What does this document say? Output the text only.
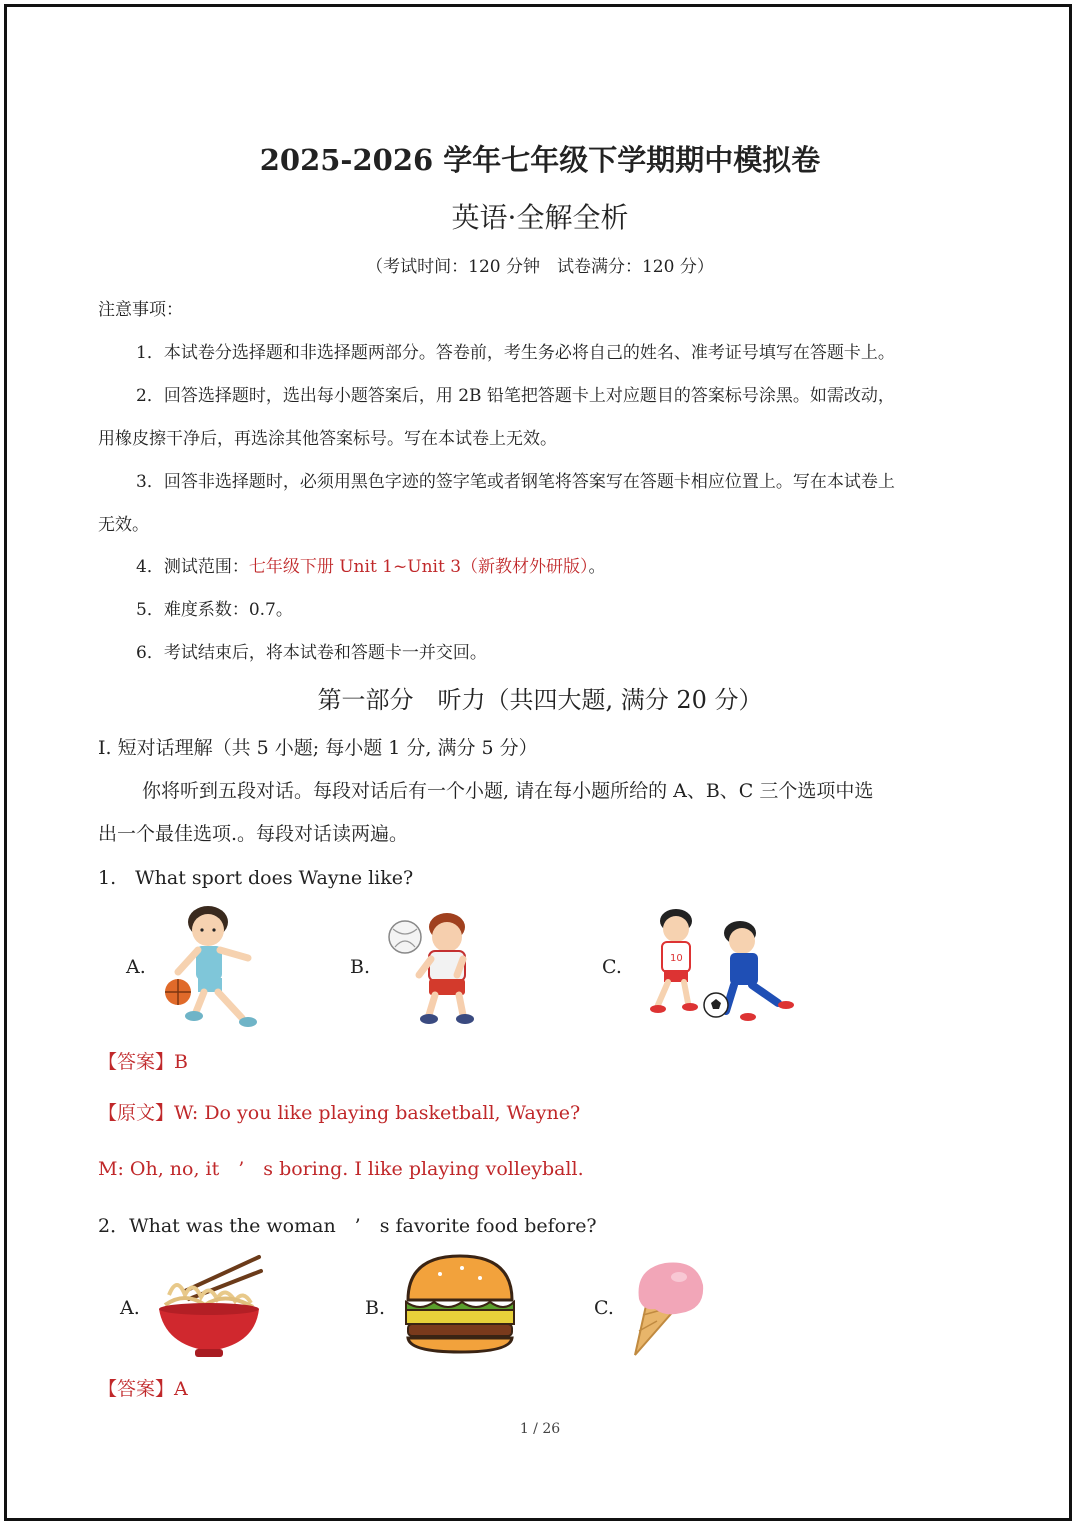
2025-2026 学年七年级下学期期中模拟卷
英语·全解全析
（考试时间：120 分钟　试卷满分：120 分）
注意事项：
1．本试卷分选择题和非选择题两部分。答卷前，考生务必将自己的姓名、准考证号填写在答题卡上。
2．回答选择题时，选出每小题答案后，用 2B 铅笔把答题卡上对应题目的答案标号涂黑。如需改动，
用橡皮擦干净后，再选涂其他答案标号。写在本试卷上无效。
3．回答非选择题时，必须用黑色字迹的签字笔或者钢笔将答案写在答题卡相应位置上。写在本试卷上
无效。
4．测试范围：七年级下册 Unit 1~Unit 3（新教材外研版）。
5．难度系数：0.7。
6．考试结束后，将本试卷和答题卡一并交回。
第一部分　听力（共四大题, 满分 20 分）
I. 短对话理解（共 5 小题; 每小题 1 分, 满分 5 分）
你将听到五段对话。每段对话后有一个小题, 请在每小题所给的 A、B、C 三个选项中选
出一个最佳选项.。每段对话读两遍。
1.　What sport does Wayne like?
A.	B.	C.	10
【答案】B
【原文】W: Do you like playing basketball, Wayne?
M: Oh, no, it　’　s boring. I like playing volleyball.
2．What was the woman　’　s favorite food before?
A.	B.	C.
【答案】A
1 / 26
